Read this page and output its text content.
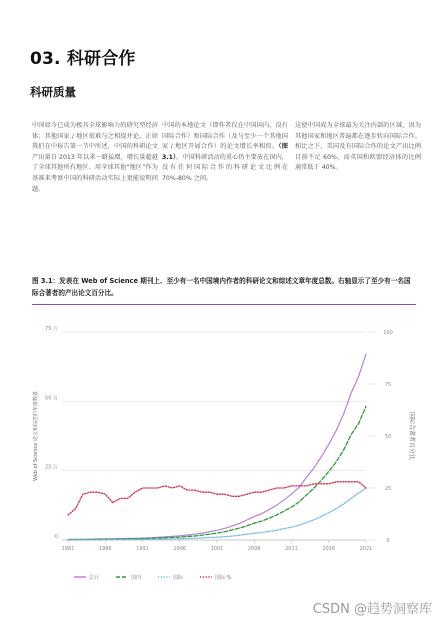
03. 科研合作
科研质量
中国如今已成为极具全球影响力的研究型经济体；其他国家 / 地区很难与之相提并论。正如我们在中报告第一节中所述，中国的科研论文产出量自 2013 年以来一路猛增，增长量超越了全球其他所有地区。用全球其他“地区”作为基准来考察中国的科研活动实际上更能说明问题。
中国的本地论文（即作者仅在中国国内，没有国际合作）和国际合作（及与至少一个其他国家 / 地区开展合作）的论文增长率相似。（图 3.1）。中国科研活动的重心仍主要放在国内，没有任何国际合作的科研论文比例在 70%-80% 之间。
这使中国成为全球最为关注内部的区域，因为其他国家和地区普遍都在逐步转向国际合作。相比之下，美国及有国际合作的论文产出比例目前不足 60%，而英国和欧盟经济体的比例通常低于 40%。
图 3.1：发表在 Web of Science 期刊上、至少有一名中国境内作者的科研论文和综述文章年度总数。右轴显示了至少有一名国际合著者的产出论文百分比。
0
25 万
50 万
75 万
0
25
50
75
100
1981	1986	1991	1996	2001	2006	2011	2016	2021
Web of Science 论文和综述的年度数量	国际合著者百分比
总计	国内	国际	国际 %
CSDN @趋势洞察库
